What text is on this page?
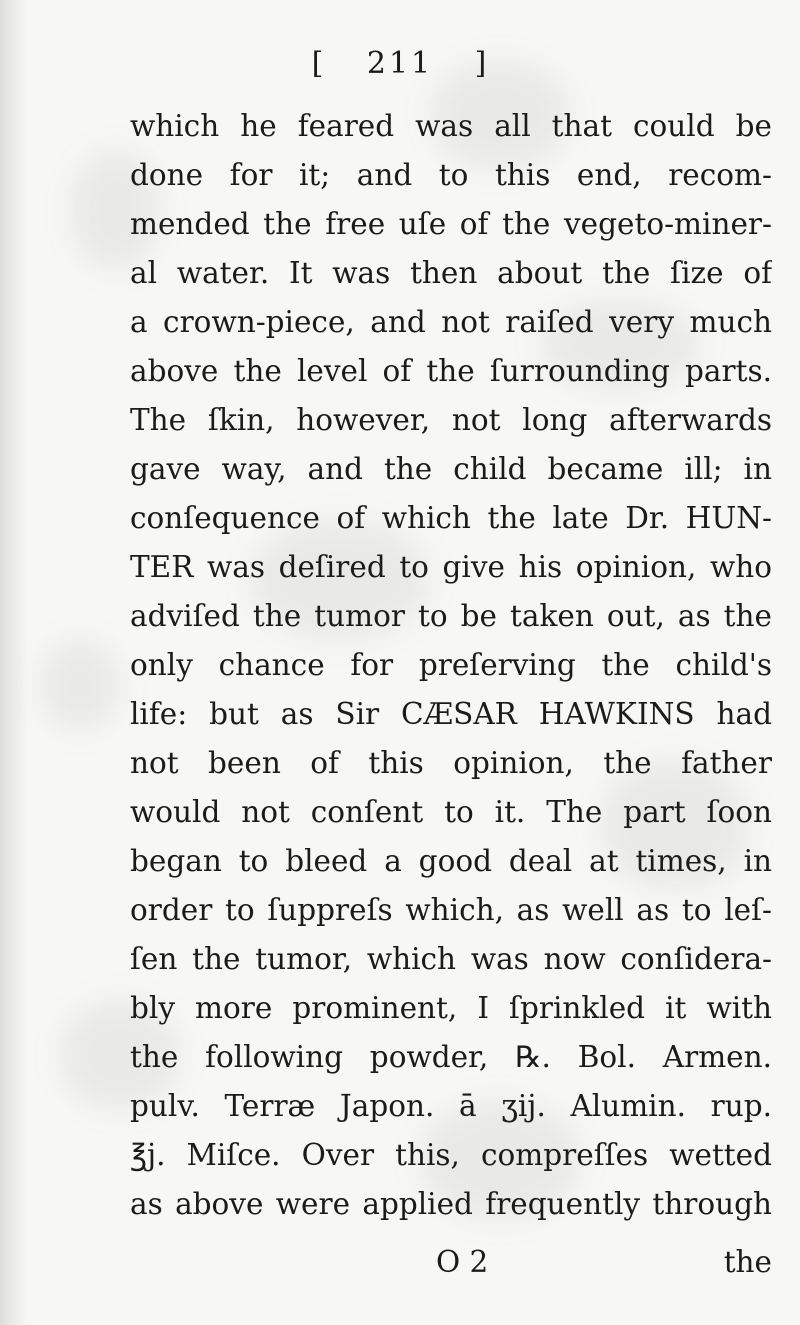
[ 211 ]
which he feared was all that could be
done for it; and to this end, recom-
mended the free uſe of the vegeto-miner-
al water. It was then about the ſize of
a crown-piece, and not raiſed very much
above the level of the ſurrounding parts.
The ſkin, however, not long afterwards
gave way, and the child became ill; in
conſequence of which the late Dr. HUN-
TER was deſired to give his opinion, who
adviſed the tumor to be taken out, as the
only chance for preſerving the child's
life: but as Sir CÆSAR HAWKINS had
not been of this opinion, the father
would not conſent to it. The part ſoon
began to bleed a good deal at times, in
order to ſuppreſs which, as well as to leſ-
ſen the tumor, which was now conſidera-
bly more prominent, I ſprinkled it with
the following powder, ℞. Bol. Armen.
pulv. Terræ Japon. ā ʒij. Alumin. rup.
℥j. Miſce. Over this, compreſſes wetted
as above were applied frequently through
O 2	the
